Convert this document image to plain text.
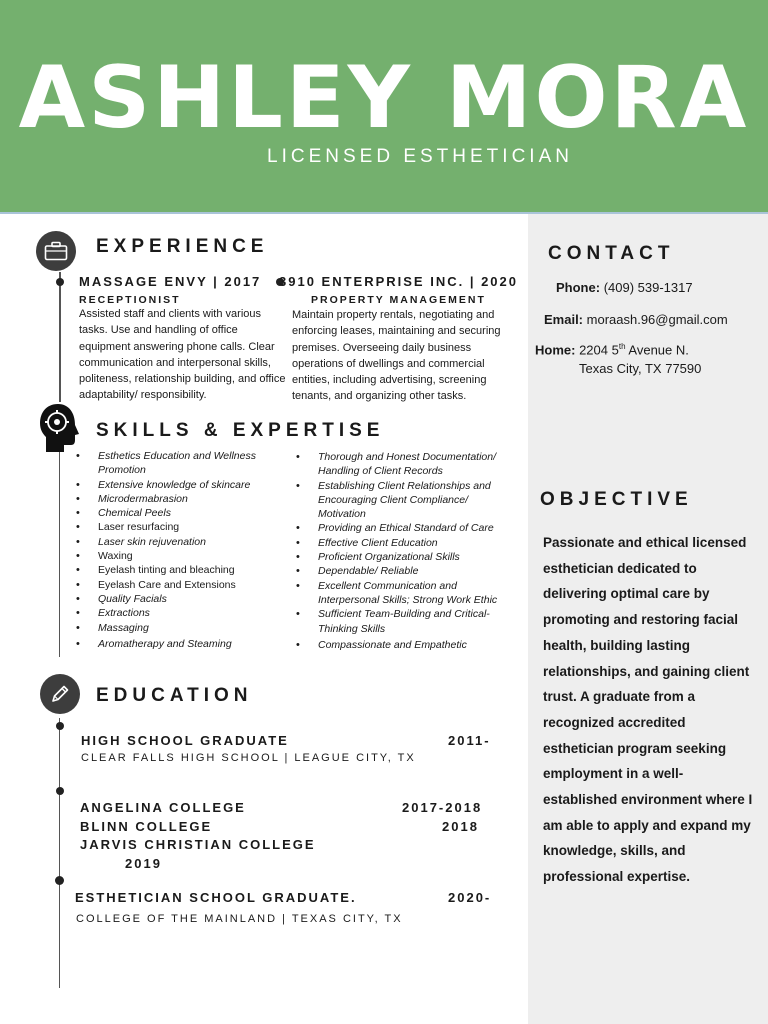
ASHLEY MORA
LICENSED ESTHETICIAN
EXPERIENCE
MASSAGE ENVY | 2017
RECEPTIONIST
Assisted staff and clients with various tasks. Use and handling of office equipment answering phone calls. Clear communication and interpersonal skills, politeness, relationship building, and office adaptability/ responsibility.
3910 ENTERPRISE INC. | 2020
PROPERTY MANAGEMENT
Maintain property rentals, negotiating and enforcing leases, maintaining and securing premises. Overseeing daily business operations of dwellings and commercial entities, including advertising, screening tenants, and organizing other tasks.
SKILLS & EXPERTISE
• Esthetics Education and Wellness Promotion
• Extensive knowledge of skincare
• Microdermabrasion
• Chemical Peels
• Laser resurfacing
• Laser skin rejuvenation
• Waxing
• Eyelash tinting and bleaching
• Eyelash Care and Extensions
• Quality Facials
• Extractions
• Massaging
• Aromatherapy and Steaming
• Thorough and Honest Documentation/ Handling of Client Records
• Establishing Client Relationships and Encouraging Client Compliance/ Motivation
• Providing an Ethical Standard of Care
• Effective Client Education
• Proficient Organizational Skills
• Dependable/ Reliable
• Excellent Communication and Interpersonal Skills; Strong Work Ethic
• Sufficient Team-Building and Critical-Thinking Skills
• Compassionate and Empathetic
EDUCATION
HIGH SCHOOL GRADUATE	2011-
CLEAR FALLS HIGH SCHOOL | LEAGUE CITY, TX
ANGELINA COLLEGE	2017-2018
BLINN COLLEGE	2018
JARVIS CHRISTIAN COLLEGE
2019
ESTHETICIAN SCHOOL GRADUATE.	2020-
COLLEGE OF THE MAINLAND | TEXAS CITY, TX
CONTACT
Phone: (409) 539-1317
Email: moraash.96@gmail.com
Home: 2204 5th Avenue N.
Texas City, TX 77590
OBJECTIVE
Passionate and ethical licensed esthetician dedicated to delivering optimal care by promoting and restoring facial health, building lasting relationships, and gaining client trust. A graduate from a recognized accredited esthetician program seeking employment in a well-established environment where I am able to apply and expand my knowledge, skills, and professional expertise.
